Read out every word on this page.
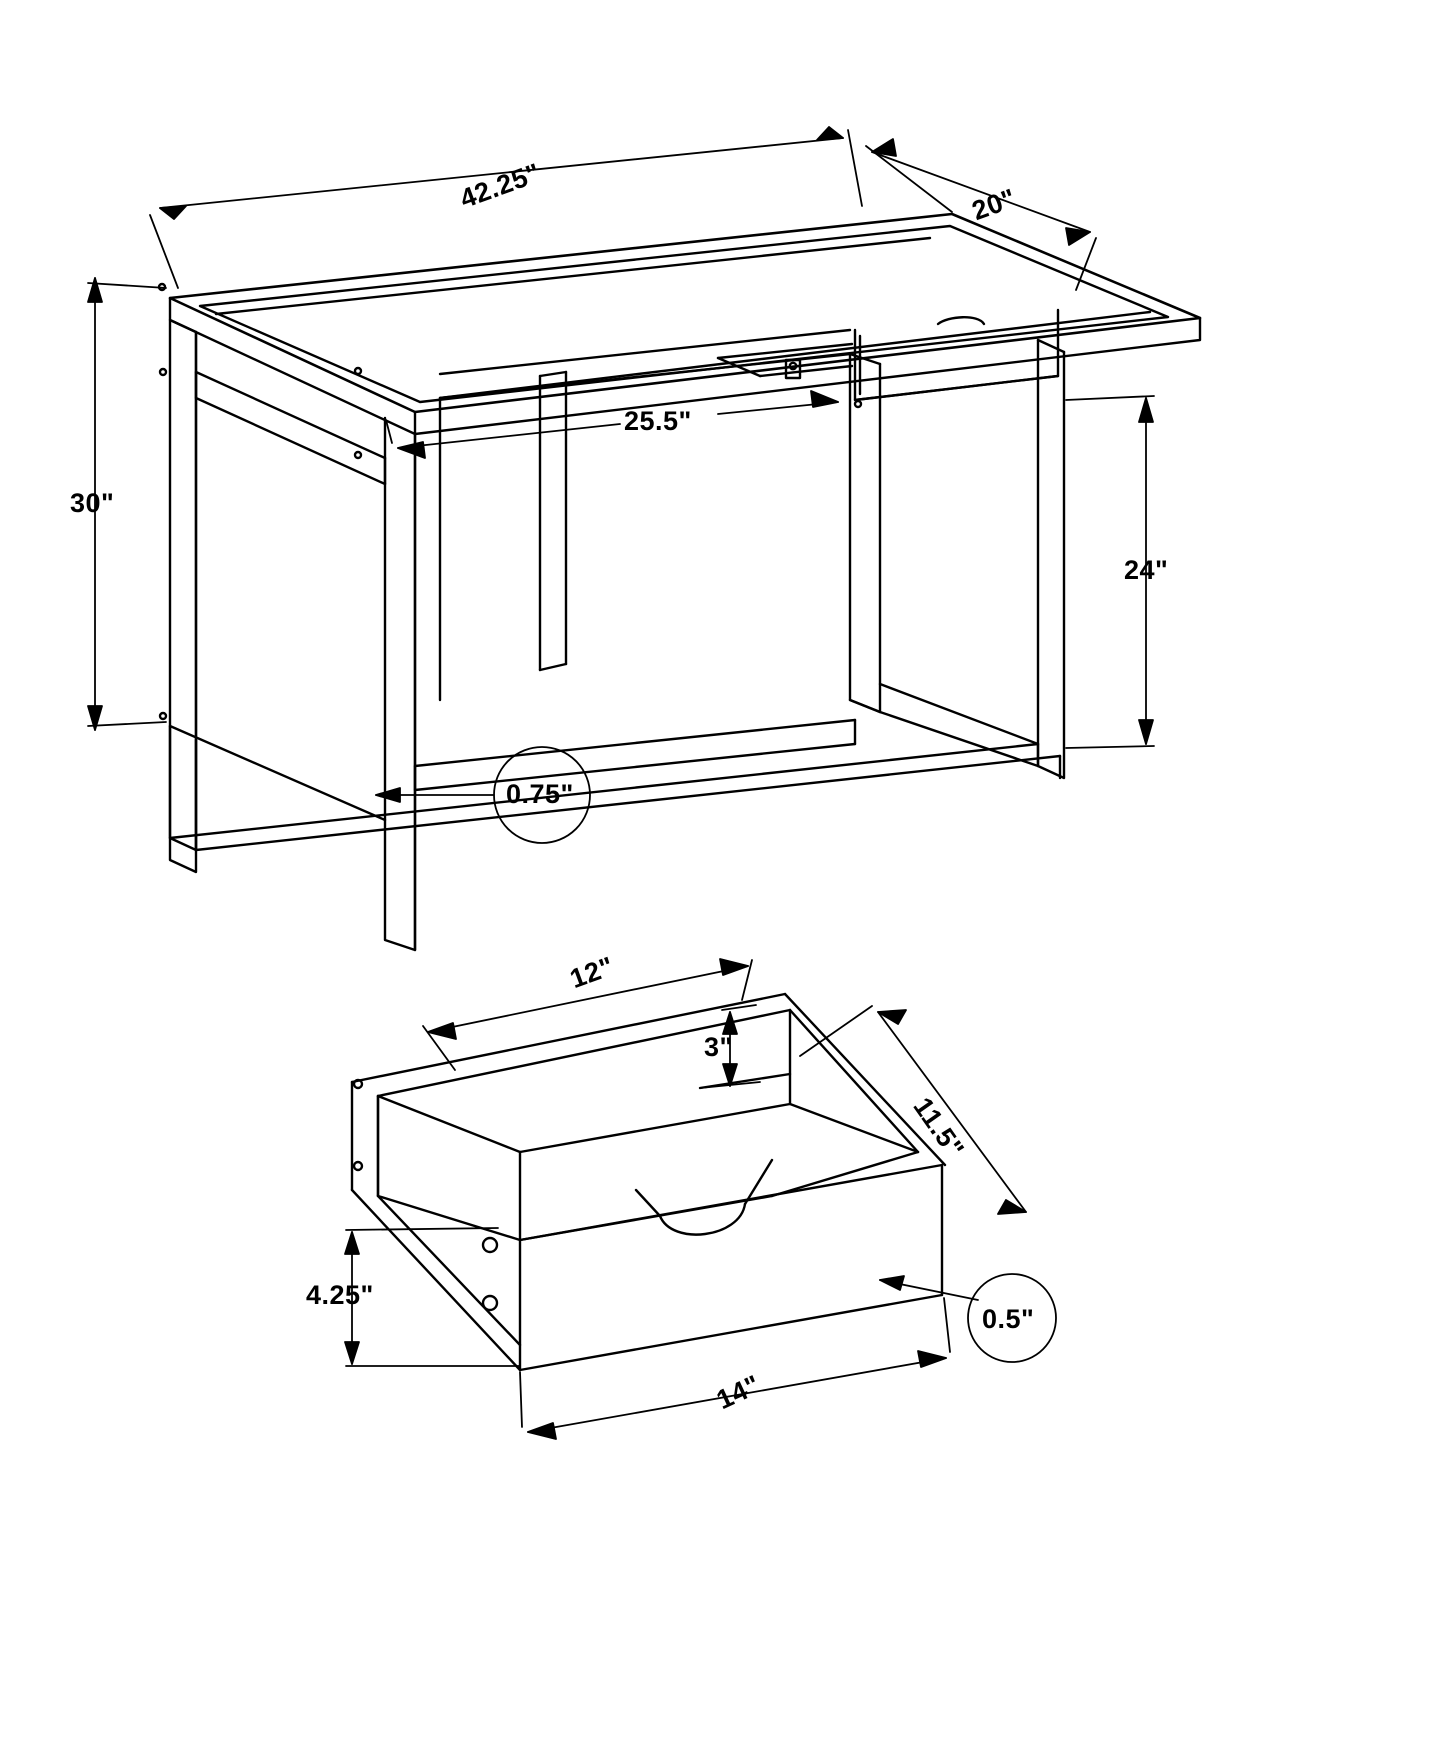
42.25"	20"
30"
25.5"
24"
0.75"
12"
3"
11.5"
4.25"
14"
0.5"
